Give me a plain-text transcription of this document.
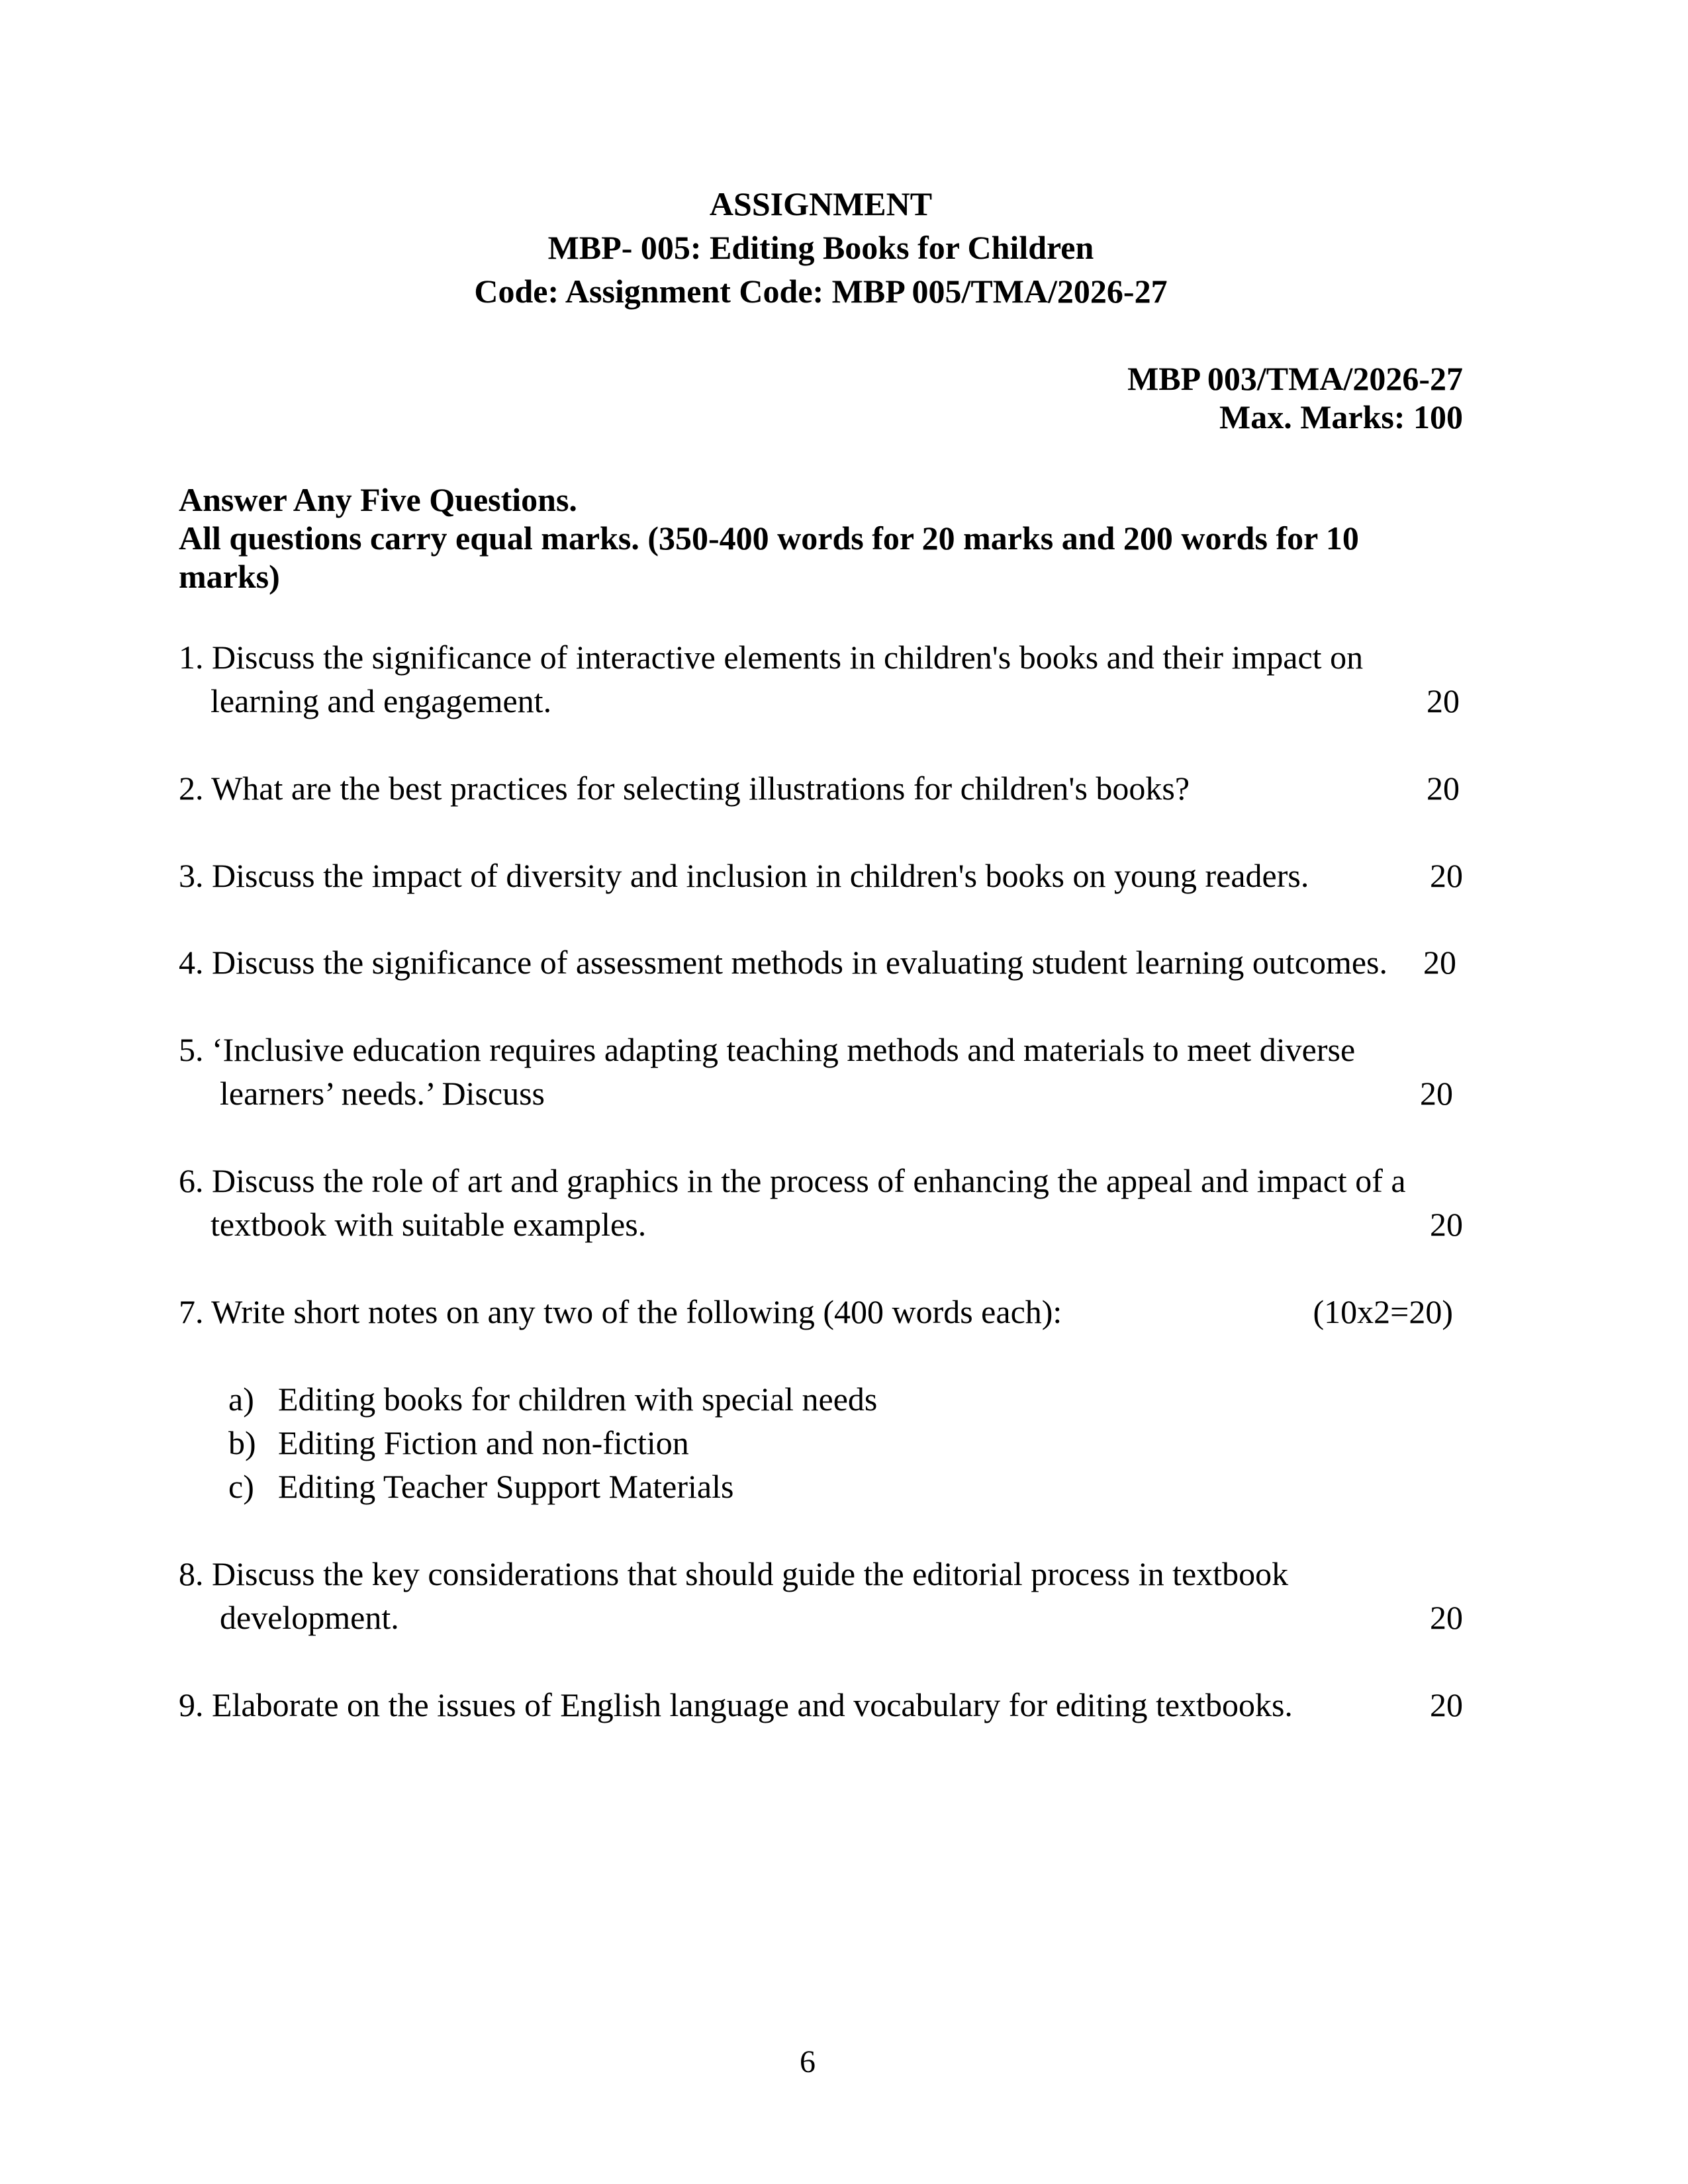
ASSIGNMENT
MBP- 005: Editing Books for Children
Code: Assignment Code: MBP 005/TMA/2026-27
MBP 003/TMA/2026-27
Max. Marks: 100
Answer Any Five Questions.
All questions carry equal marks. (350-400 words for 20 marks and 200 words for 10 marks)
1. Discuss the significance of interactive elements in children's books and their impact on
learning and engagement.	20
2. What are the best practices for selecting illustrations for children's books?	20
3. Discuss the impact of diversity and inclusion in children's books on young readers.	20
4. Discuss the significance of assessment methods in evaluating student learning outcomes. 20
5. ‘Inclusive education requires adapting teaching methods and materials to meet diverse
learners’ needs.’ Discuss	20
6. Discuss the role of art and graphics in the process of enhancing the appeal and impact of a
textbook with suitable examples.	20
7. Write short notes on any two of the following (400 words each):	(10x2=20)
a) Editing books for children with special needs
b) Editing Fiction and non-fiction
c) Editing Teacher Support Materials
8. Discuss the key considerations that should guide the editorial process in textbook
development.	20
9. Elaborate on the issues of English language and vocabulary for editing textbooks.	20
6
